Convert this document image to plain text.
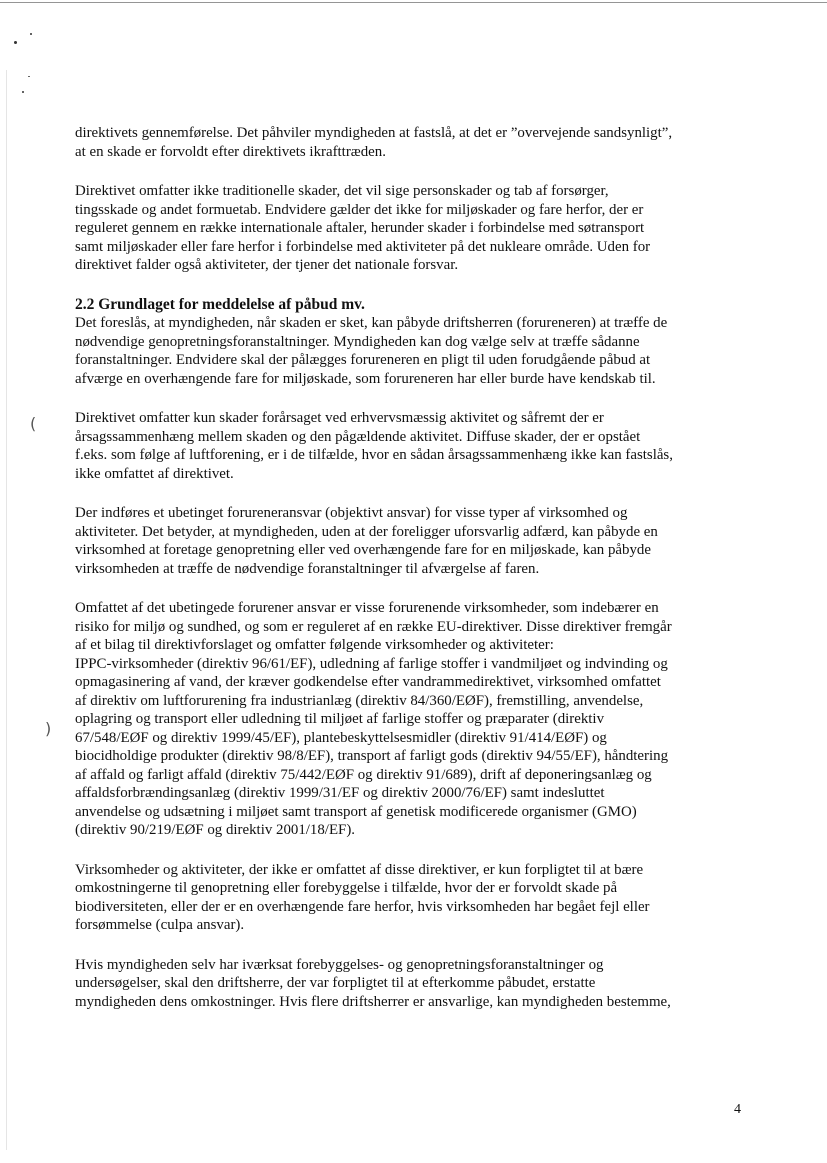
(
)

direktivets gennemførelse. Det påhviler myndigheden at fastslå, at det er ”overvejende sandsynligt”,
at en skade er forvoldt efter direktivets ikrafttræden.

Direktivet omfatter ikke traditionelle skader, det vil sige personskader og tab af forsørger,
tingsskade og andet formuetab. Endvidere gælder det ikke for miljøskader og fare herfor, der er
reguleret gennem en række internationale aftaler, herunder skader i forbindelse med søtransport
samt miljøskader eller fare herfor i forbindelse med aktiviteter på det nukleare område. Uden for
direktivet falder også aktiviteter, der tjener det nationale forsvar.

2.2 Grundlaget for meddelelse af påbud mv.

Det foreslås, at myndigheden, når skaden er sket, kan påbyde driftsherren (forureneren) at træffe de
nødvendige genopretningsforanstaltninger. Myndigheden kan dog vælge selv at træffe sådanne
foranstaltninger. Endvidere skal der pålægges forureneren en pligt til uden forudgående påbud at
afværge en overhængende fare for miljøskade, som forureneren har eller burde have kendskab til.

Direktivet omfatter kun skader forårsaget ved erhvervsmæssig aktivitet og såfremt der er
årsagssammenhæng mellem skaden og den pågældende aktivitet. Diffuse skader, der er opstået
f.eks. som følge af luftforening, er i de tilfælde, hvor en sådan årsagssammenhæng ikke kan fastslås,
ikke omfattet af direktivet.

Der indføres et ubetinget forureneransvar (objektivt ansvar) for visse typer af virksomhed og
aktiviteter. Det betyder, at myndigheden, uden at der foreligger uforsvarlig adfærd, kan påbyde en
virksomhed at foretage genopretning eller ved overhængende fare for en miljøskade, kan påbyde
virksomheden at træffe de nødvendige foranstaltninger til afværgelse af faren.

Omfattet af det ubetingede forurener ansvar er visse forurenende virksomheder, som indebærer en
risiko for miljø og sundhed, og som er reguleret af en række EU-direktiver. Disse direktiver fremgår
af et bilag til direktivforslaget og omfatter følgende virksomheder og aktiviteter:
IPPC-virksomheder (direktiv 96/61/EF), udledning af farlige stoffer i vandmiljøet og indvinding og
opmagasinering af vand, der kræver godkendelse efter vandrammedirektivet, virksomhed omfattet
af direktiv om luftforurening fra industrianlæg (direktiv 84/360/EØF), fremstilling, anvendelse,
oplagring og transport eller udledning til miljøet af farlige stoffer og præparater (direktiv
67/548/EØF og direktiv 1999/45/EF), plantebeskyttelsesmidler (direktiv 91/414/EØF) og
biocidholdige produkter (direktiv 98/8/EF), transport af farligt gods (direktiv 94/55/EF), håndtering
af affald og farligt affald (direktiv 75/442/EØF og direktiv 91/689), drift af deponeringsanlæg og
affaldsforbrændingsanlæg (direktiv 1999/31/EF og direktiv 2000/76/EF) samt indesluttet
anvendelse og udsætning i miljøet samt transport af genetisk modificerede organismer (GMO)
(direktiv 90/219/EØF og direktiv 2001/18/EF).

Virksomheder og aktiviteter, der ikke er omfattet af disse direktiver, er kun forpligtet til at bære
omkostningerne til genopretning eller forebyggelse i tilfælde, hvor der er forvoldt skade på
biodiversiteten, eller der er en overhængende fare herfor, hvis virksomheden har begået fejl eller
forsømmelse (culpa ansvar).

Hvis myndigheden selv har iværksat forebyggelses- og genopretningsforanstaltninger og
undersøgelser, skal den driftsherre, der var forpligtet til at efterkomme påbudet, erstatte
myndigheden dens omkostninger. Hvis flere driftsherrer er ansvarlige, kan myndigheden bestemme,

4
